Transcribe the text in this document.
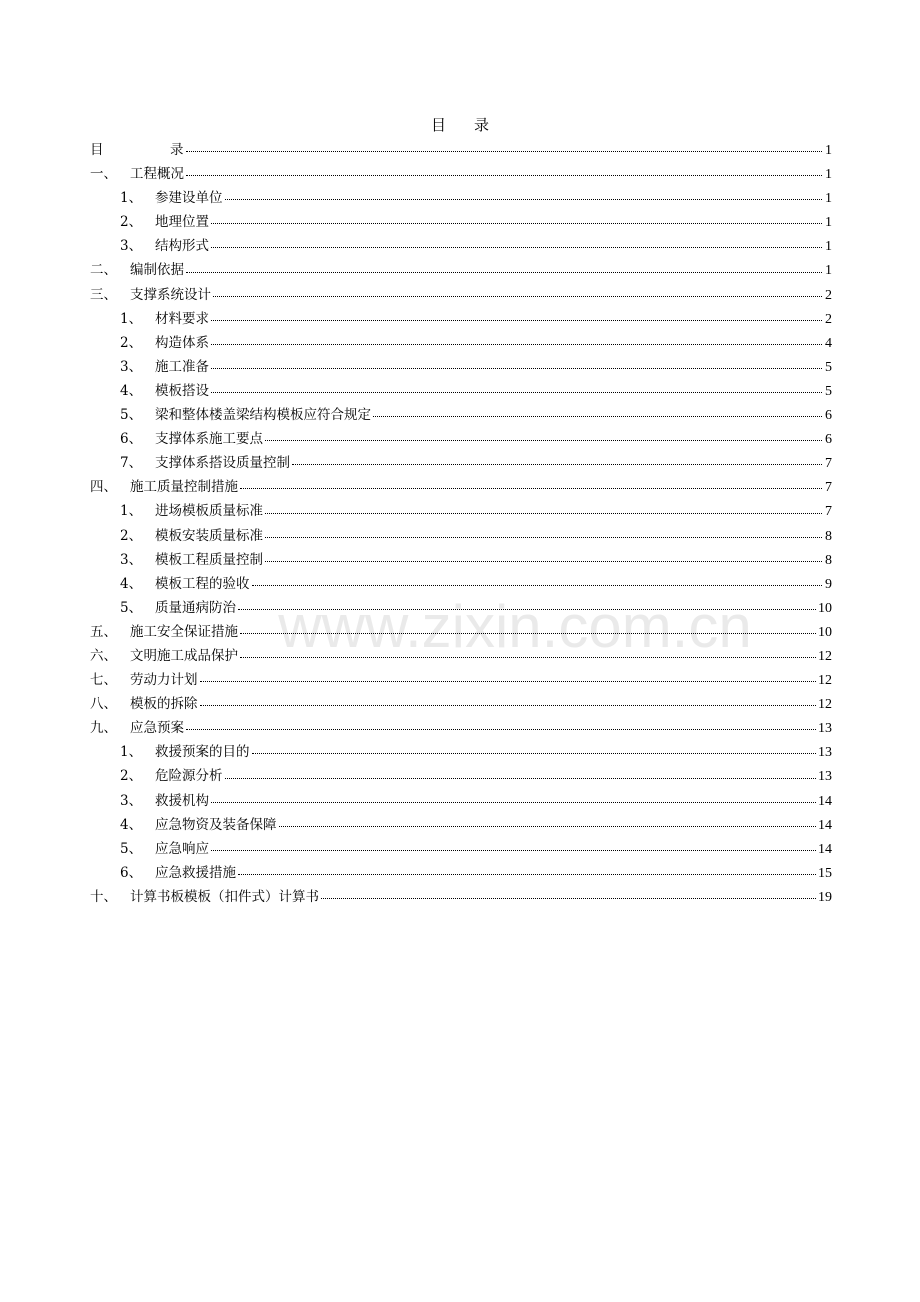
目 录
www.zixin.com.cn
目	录	1
一、 工程概况	1
1、 参建设单位	1
2、 地理位置	1
3、 结构形式	1
二、 编制依据	1
三、 支撑系统设计	2
1、 材料要求	2
2、 构造体系	4
3、 施工准备	5
4、 模板搭设	5
5、 梁和整体楼盖梁结构模板应符合规定	6
6、 支撑体系施工要点	6
7、 支撑体系搭设质量控制	7
四、 施工质量控制措施	7
1、 进场模板质量标准	7
2、 模板安装质量标准	8
3、 模板工程质量控制	8
4、 模板工程的验收	9
5、 质量通病防治	10
五、 施工安全保证措施	10
六、 文明施工成品保护	12
七、 劳动力计划	12
八、 模板的拆除	12
九、 应急预案	13
1、 救援预案的目的	13
2、 危险源分析	13
3、 救援机构	14
4、 应急物资及装备保障	14
5、 应急响应	14
6、 应急救援措施	15
十、 计算书板模板（扣件式）计算书	19
